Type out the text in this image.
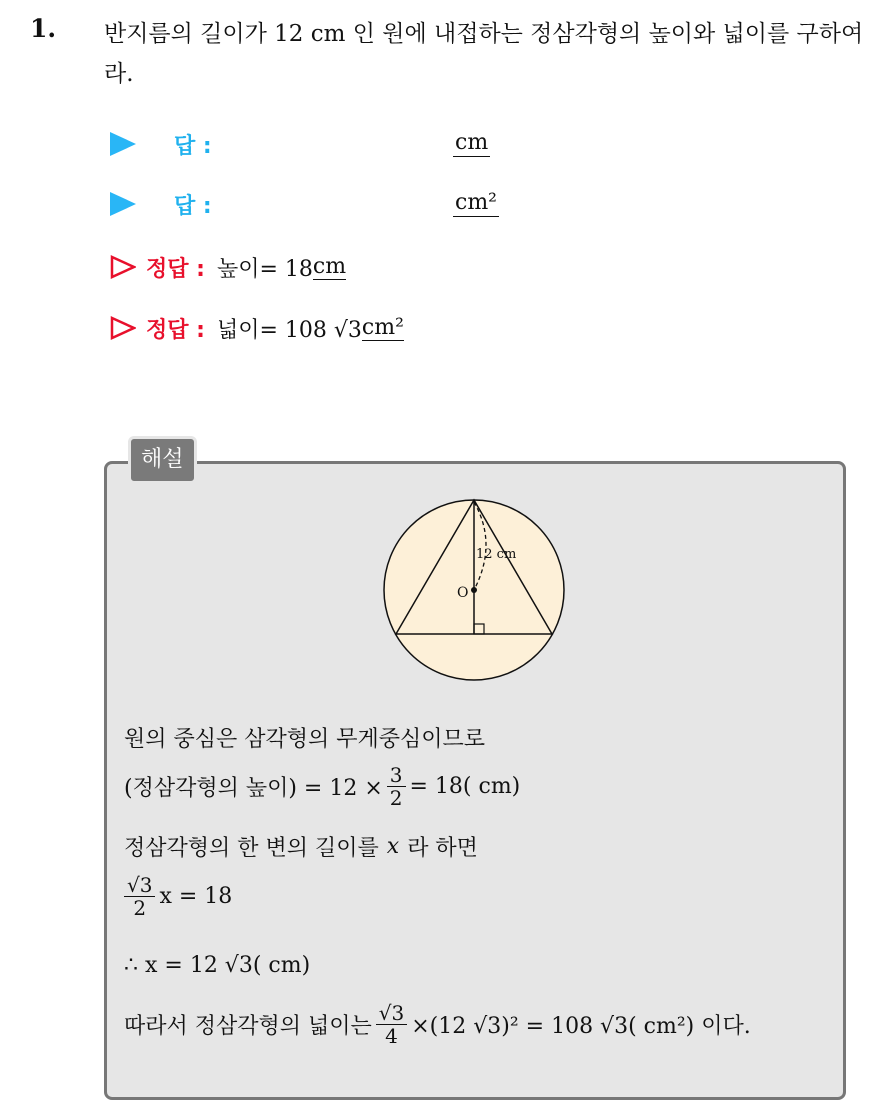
1. 반지름의 길이가 12 cm 인 원에 내접하는 정삼각형의 높이와 넓이를 구하여라.
답 :	cm
답 :	cm²
정답 : 높이= 18 cm
정답 : 넓이= 108 √3 cm²
해설
12 cm
O
원의 중심은 삼각형의 무게중심이므로
(정삼각형의 높이) = $12 \times \frac{3}{2} = 18$( cm)
정삼각형의 한 변의 길이를 x 라 하면
$\frac{√3}{2}$ x = 18
∴ x = 12 √3( cm)
따라서 정삼각형의 넓이는 $\frac{√3}{4} \times(12$ √3)² = 108 √3( cm²) 이다.
